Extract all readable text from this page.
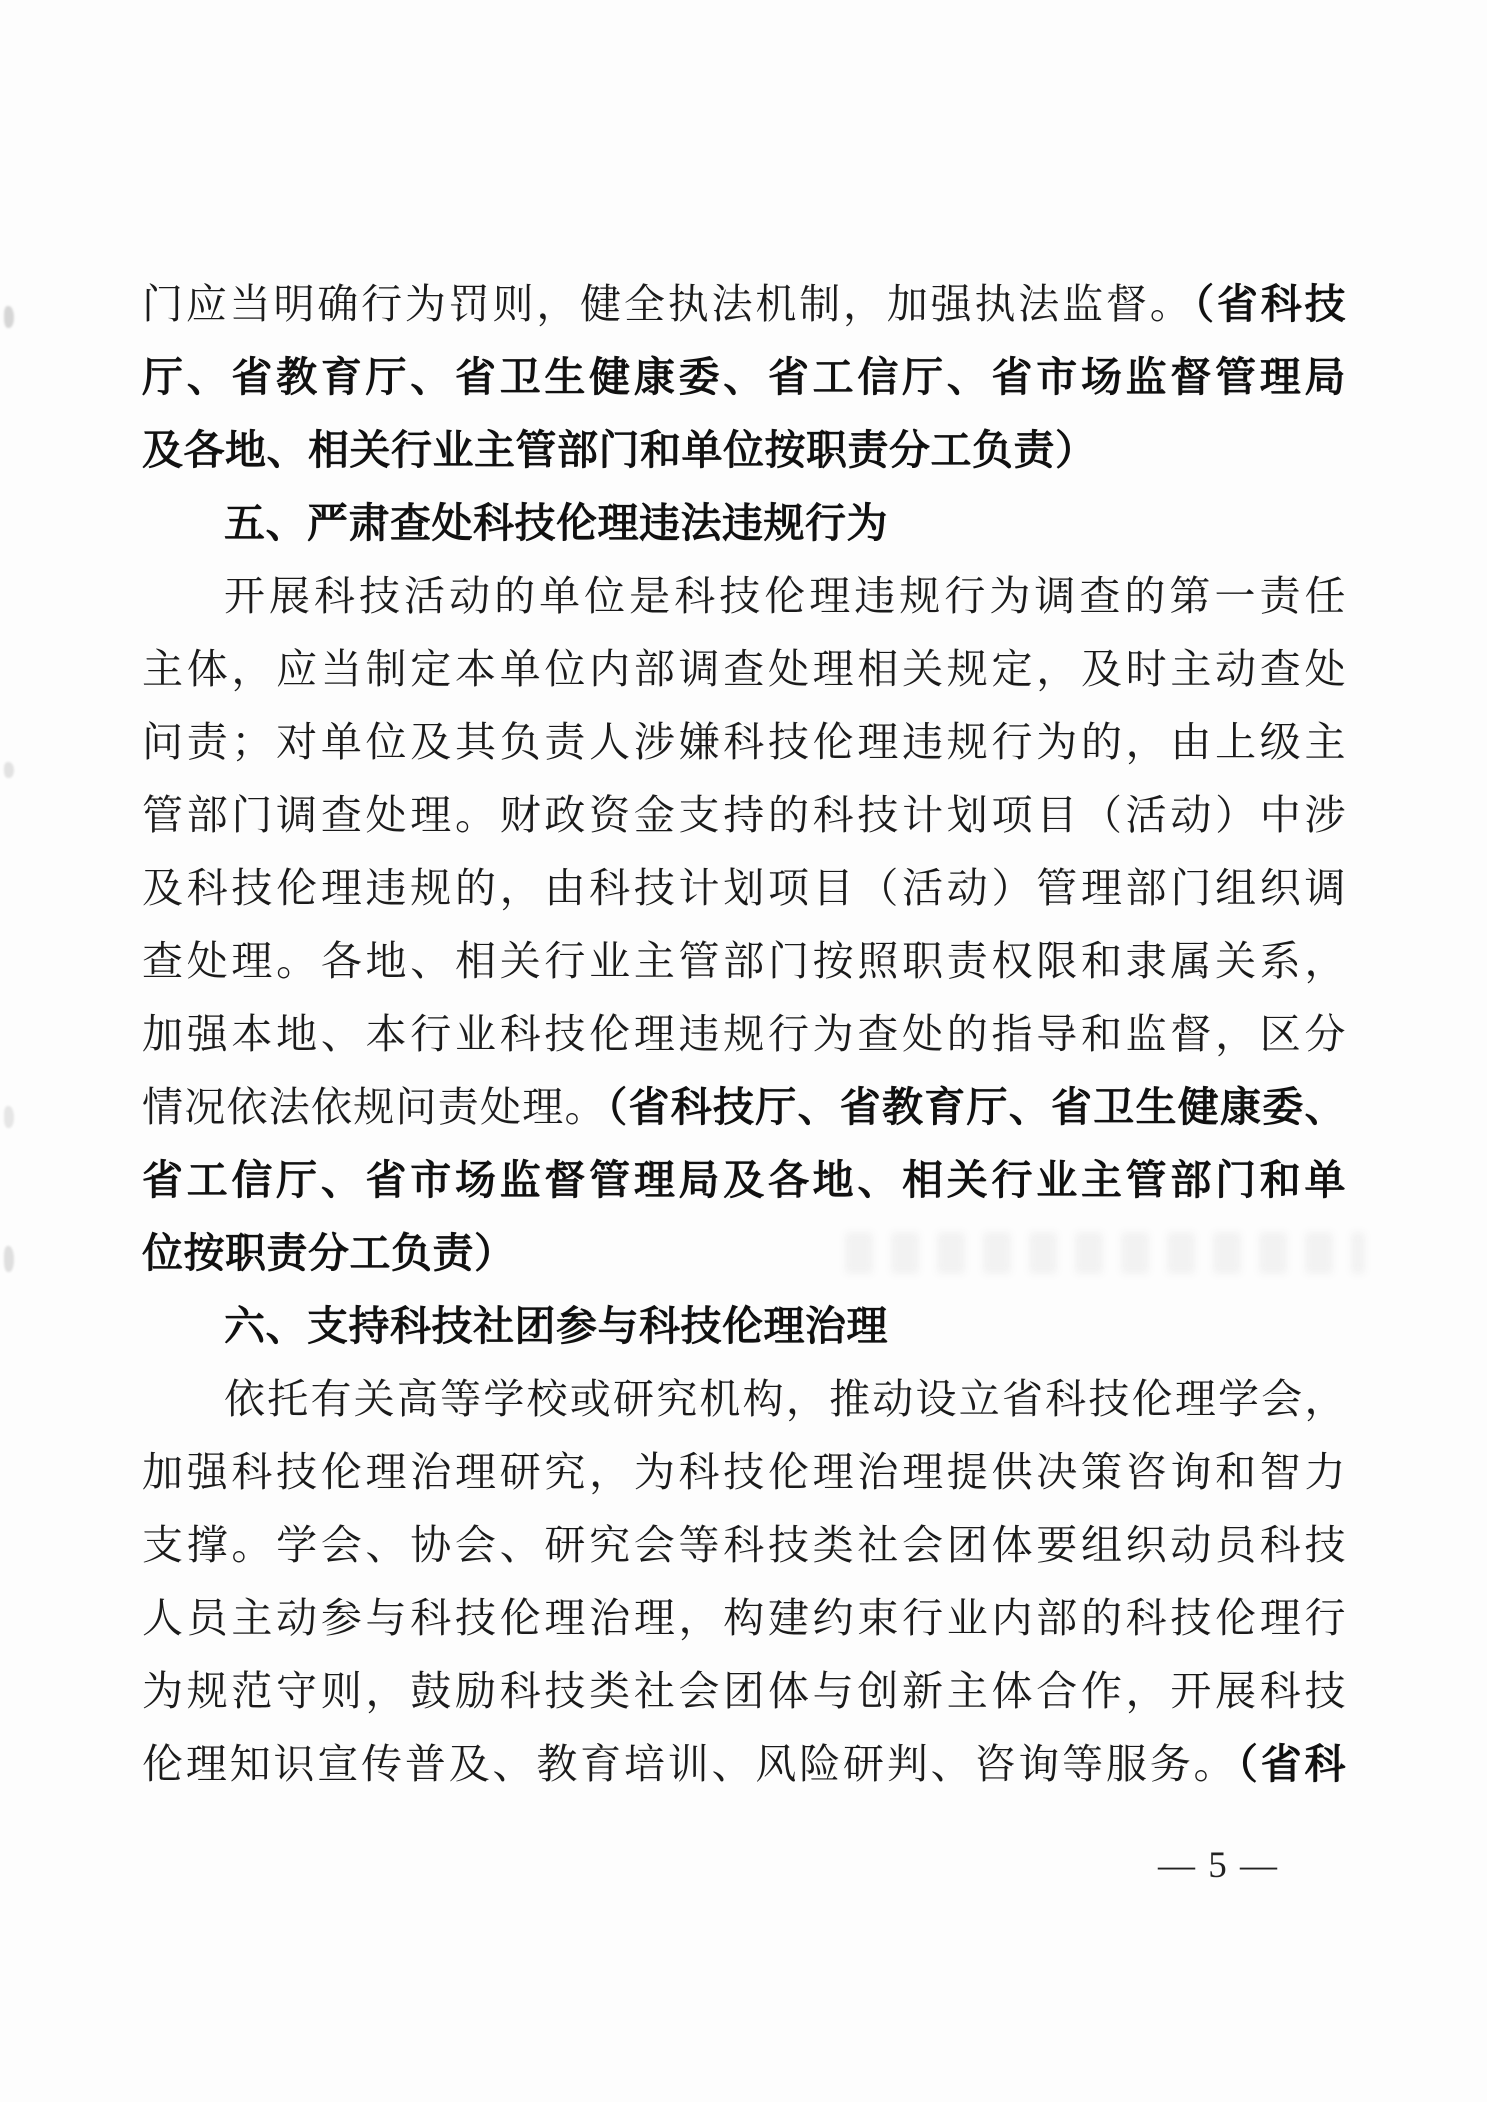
门应当明确行为罚则，健全执法机制，加强执法监督。（省科技
厅、省教育厅、省卫生健康委、省工信厅、省市场监督管理局
及各地、相关行业主管部门和单位按职责分工负责）
五、严肃查处科技伦理违法违规行为
开展科技活动的单位是科技伦理违规行为调查的第一责任
主体，应当制定本单位内部调查处理相关规定，及时主动查处
问责；对单位及其负责人涉嫌科技伦理违规行为的，由上级主
管部门调查处理。财政资金支持的科技计划项目（活动）中涉
及科技伦理违规的，由科技计划项目（活动）管理部门组织调
查处理。各地、相关行业主管部门按照职责权限和隶属关系，
加强本地、本行业科技伦理违规行为查处的指导和监督，区分
情况依法依规问责处理。（省科技厅、省教育厅、省卫生健康委、
省工信厅、省市场监督管理局及各地、相关行业主管部门和单
位按职责分工负责）
六、支持科技社团参与科技伦理治理
依托有关高等学校或研究机构，推动设立省科技伦理学会，
加强科技伦理治理研究，为科技伦理治理提供决策咨询和智力
支撑。学会、协会、研究会等科技类社会团体要组织动员科技
人员主动参与科技伦理治理，构建约束行业内部的科技伦理行
为规范守则，鼓励科技类社会团体与创新主体合作，开展科技
伦理知识宣传普及、教育培训、风险研判、咨询等服务。（省科
— 5 —
